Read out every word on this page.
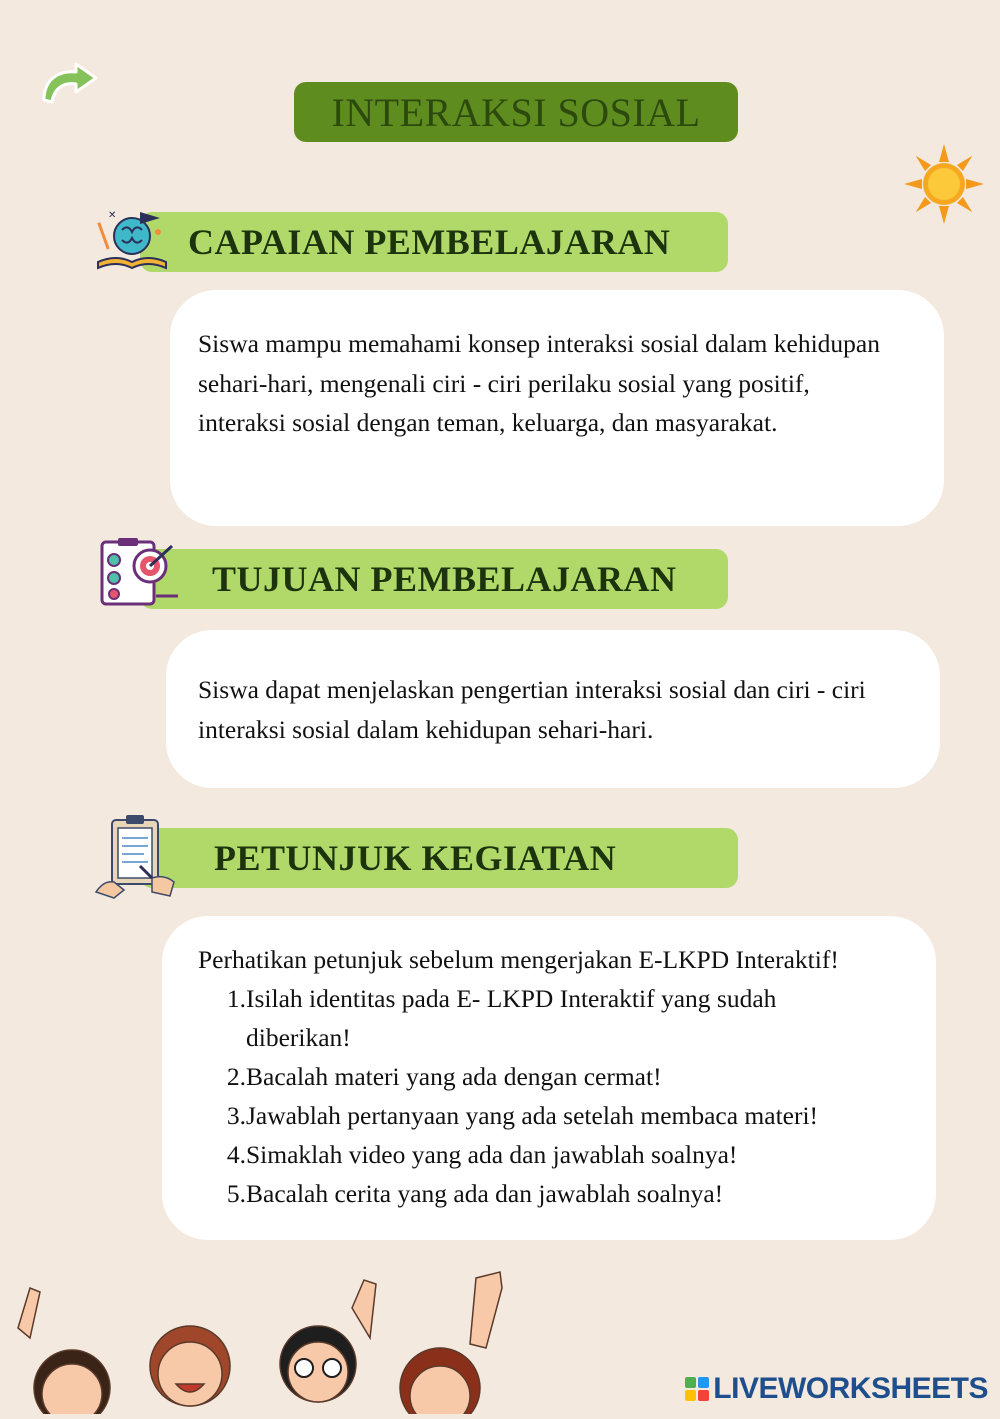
INTERAKSI SOSIAL
CAPAIAN PEMBELAJARAN
✕

Siswa mampu memahami konsep interaksi sosial dalam kehidupan sehari-hari, mengenali ciri - ciri perilaku sosial yang positif, interaksi sosial dengan teman, keluarga, dan masyarakat.

TUJUAN PEMBELAJARAN

Siswa dapat menjelaskan pengertian interaksi sosial dan ciri - ciri interaksi sosial dalam kehidupan sehari-hari.

PETUNJUK KEGIATAN
Perhatikan petunjuk sebelum mengerjakan E-LKPD Interaktif!
1. Isilah identitas pada E- LKPD Interaktif yang sudah diberikan!
2. Bacalah materi yang ada dengan cermat!
3. Jawablah pertanyaan yang ada setelah membaca materi!
4. Simaklah video yang ada dan jawablah soalnya!
5. Bacalah cerita yang ada dan jawablah soalnya!
LIVEWORKSHEETS
